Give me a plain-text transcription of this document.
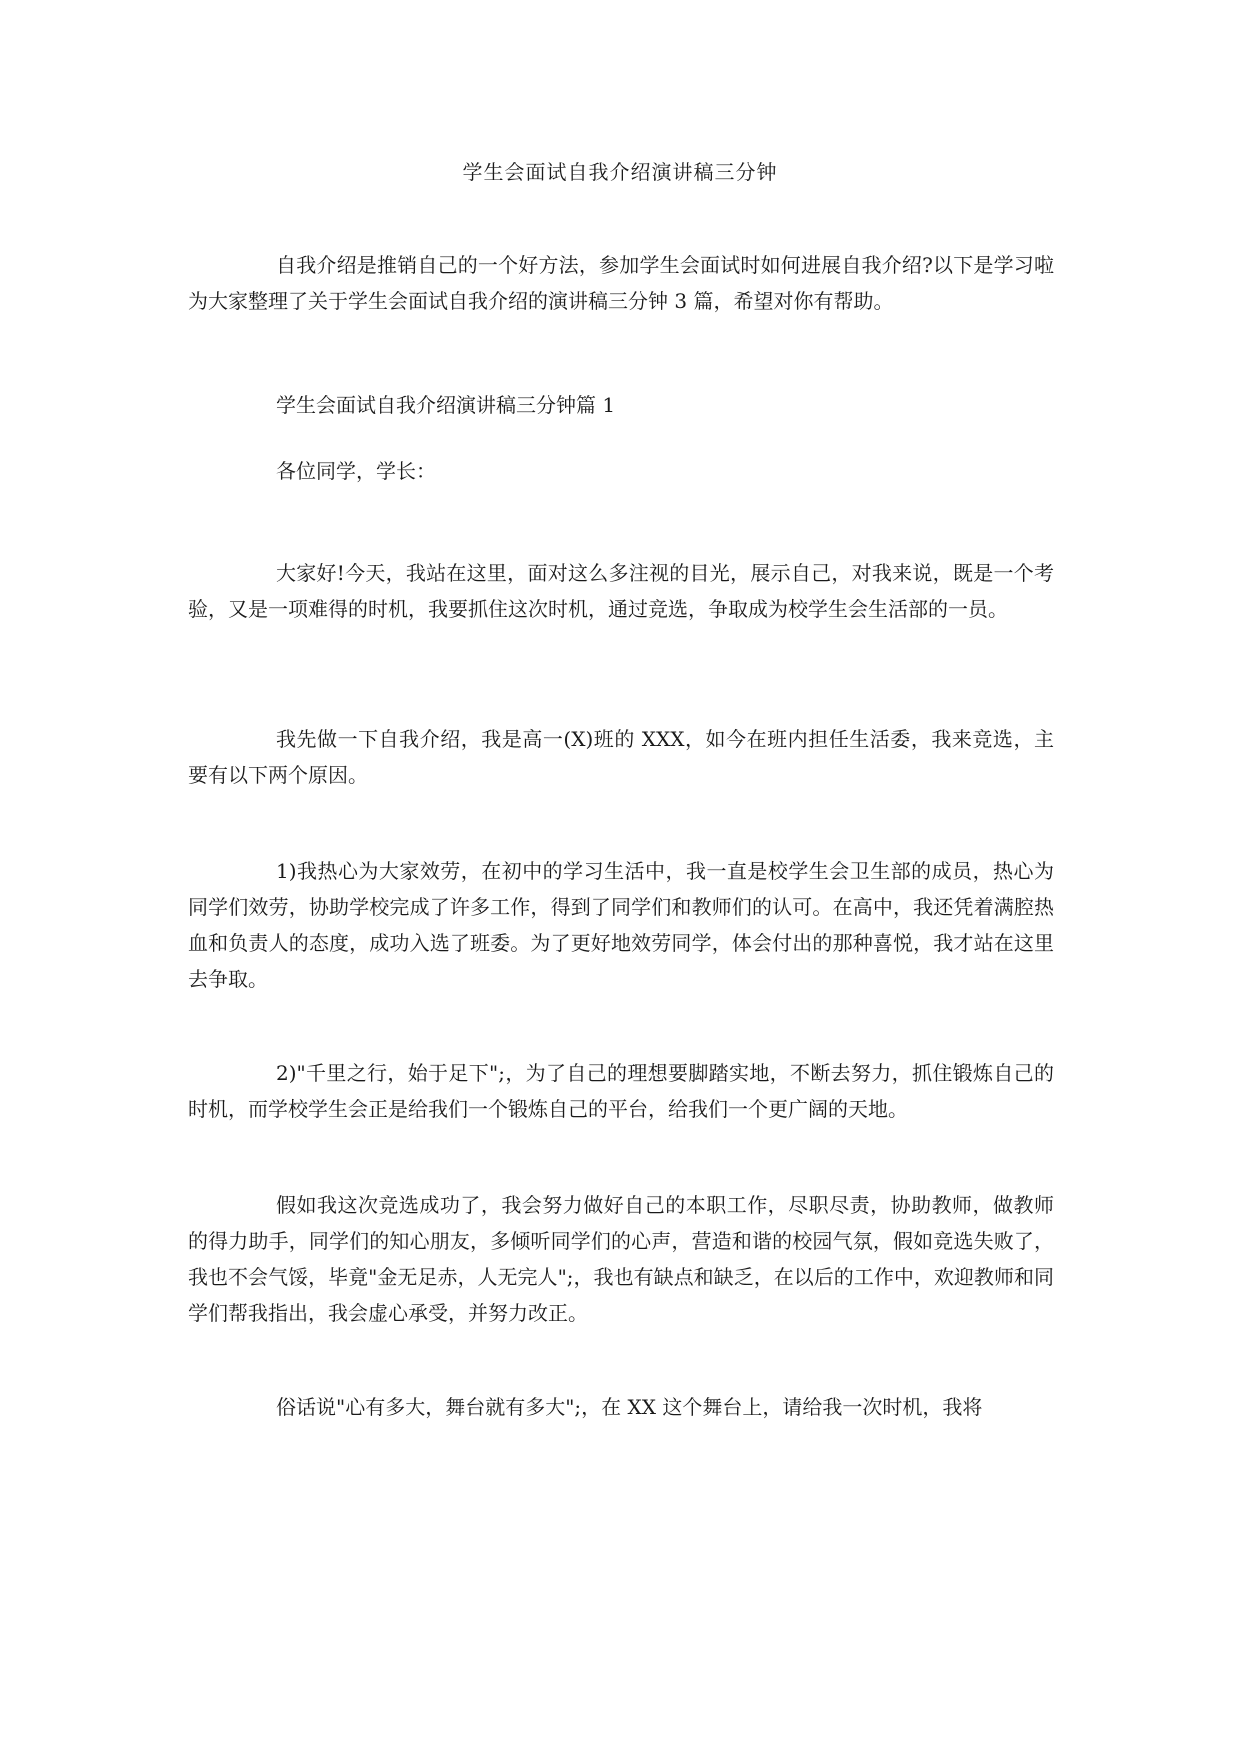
学生会面试自我介绍演讲稿三分钟

自我介绍是推销自己的一个好方法，参加学生会面试时如何进展自我介绍?以下是学习啦为大家整理了关于学生会面试自我介绍的演讲稿三分钟 3 篇，希望对你有帮助。

学生会面试自我介绍演讲稿三分钟篇 1

各位同学，学长：

大家好!今天，我站在这里，面对这么多注视的目光，展示自己，对我来说，既是一个考验，又是一项难得的时机，我要抓住这次时机，通过竞选，争取成为校学生会生活部的一员。

我先做一下自我介绍，我是高一(X)班的 XXX，如今在班内担任生活委，我来竞选，主要有以下两个原因。

1)我热心为大家效劳，在初中的学习生活中，我一直是校学生会卫生部的成员，热心为同学们效劳，协助学校完成了许多工作，得到了同学们和教师们的认可。在高中，我还凭着满腔热血和负责人的态度，成功入选了班委。为了更好地效劳同学，体会付出的那种喜悦，我才站在这里去争取。

2)"千里之行，始于足下";，为了自己的理想要脚踏实地，不断去努力，抓住锻炼自己的时机，而学校学生会正是给我们一个锻炼自己的平台，给我们一个更广阔的天地。

假如我这次竞选成功了，我会努力做好自己的本职工作，尽职尽责，协助教师，做教师的得力助手，同学们的知心朋友，多倾听同学们的心声，营造和谐的校园气氛，假如竞选失败了，我也不会气馁，毕竟"金无足赤，人无完人";，我也有缺点和缺乏，在以后的工作中，欢迎教师和同学们帮我指出，我会虚心承受，并努力改正。

俗话说"心有多大，舞台就有多大";，在 XX 这个舞台上，请给我一次时机，我将
